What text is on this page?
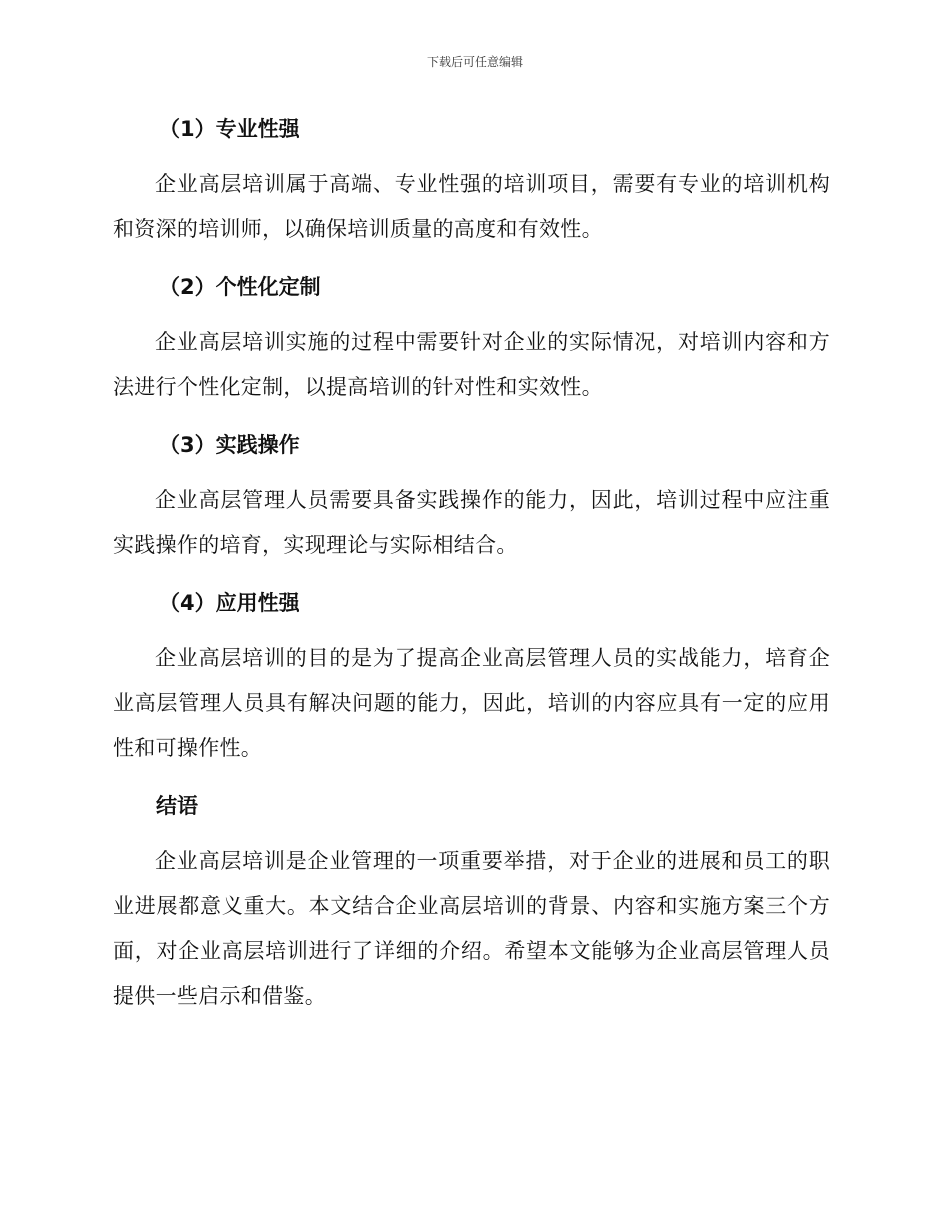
下载后可任意编辑
（1）专业性强

企业高层培训属于高端、专业性强的培训项目，需要有专业的培训机构和资深的培训师，以确保培训质量的高度和有效性。

（2）个性化定制

企业高层培训实施的过程中需要针对企业的实际情况，对培训内容和方法进行个性化定制，以提高培训的针对性和实效性。

（3）实践操作

企业高层管理人员需要具备实践操作的能力，因此，培训过程中应注重实践操作的培育，实现理论与实际相结合。

（4）应用性强

企业高层培训的目的是为了提高企业高层管理人员的实战能力，培育企业高层管理人员具有解决问题的能力，因此，培训的内容应具有一定的应用性和可操作性。

结语

企业高层培训是企业管理的一项重要举措，对于企业的进展和员工的职业进展都意义重大。本文结合企业高层培训的背景、内容和实施方案三个方面，对企业高层培训进行了详细的介绍。希望本文能够为企业高层管理人员提供一些启示和借鉴。
